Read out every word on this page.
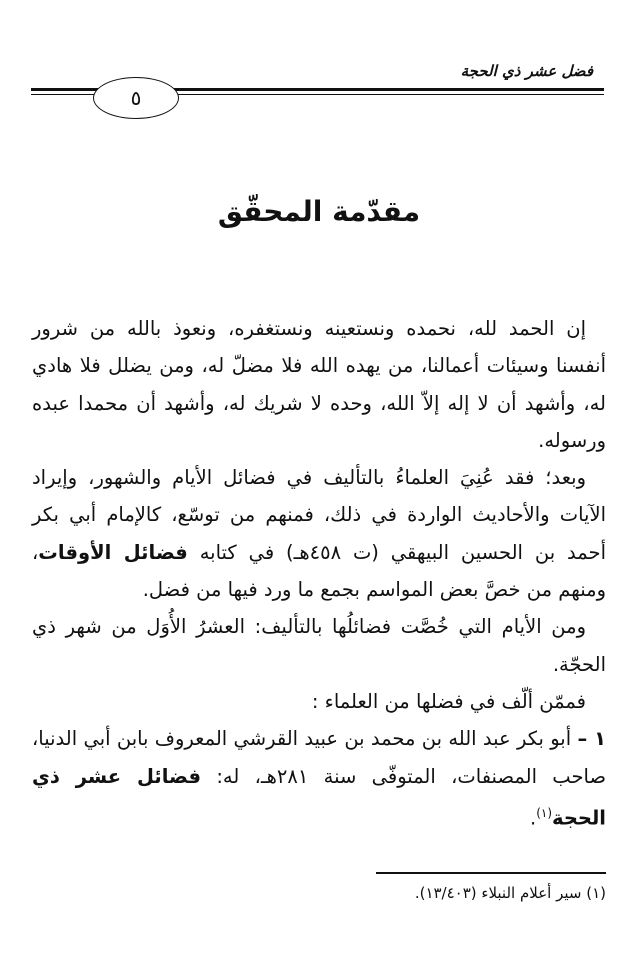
فضل عشر ذي الحجة
٥
مقدّمة المحقّق

إن الحمد لله، نحمده ونستعينه ونستغفره، ونعوذ بالله من شرور أنفسنا وسيئات أعمالنا، من يهده الله فلا مضلّ له، ومن يضلل فلا هادي له، وأشهد أن لا إله إلاّ الله، وحده لا شريك له، وأشهد أن محمدا عبده ورسوله.

وبعد؛ فقد عُنِيَ العلماءُ بالتأليف في فضائل الأيام والشهور، وإيراد الآيات والأحاديث الواردة في ذلك، فمنهم من توسّع، كالإمام أبي بكر أحمد بن الحسين البيهقي (ت ٤٥٨هـ) في كتابه فضائل الأوقات، ومنهم من خصَّ بعض المواسم بجمع ما ورد فيها من فضل.

ومن الأيام التي خُصَّت فضائلُها بالتأليف: العشرُ الأُوَل من شهر ذي الحجّة.

فممّن ألّف في فضلها من العلماء :

١ – أبو بكر عبد الله بن محمد بن عبيد القرشي المعروف بابن أبي الدنيا، صاحب المصنفات، المتوفّى سنة ٢٨١هـ، له: فضائل عشر ذي الحجة$^{(١)}$.

(١) سير أعلام النبلاء (١٣/٤٠٣).
